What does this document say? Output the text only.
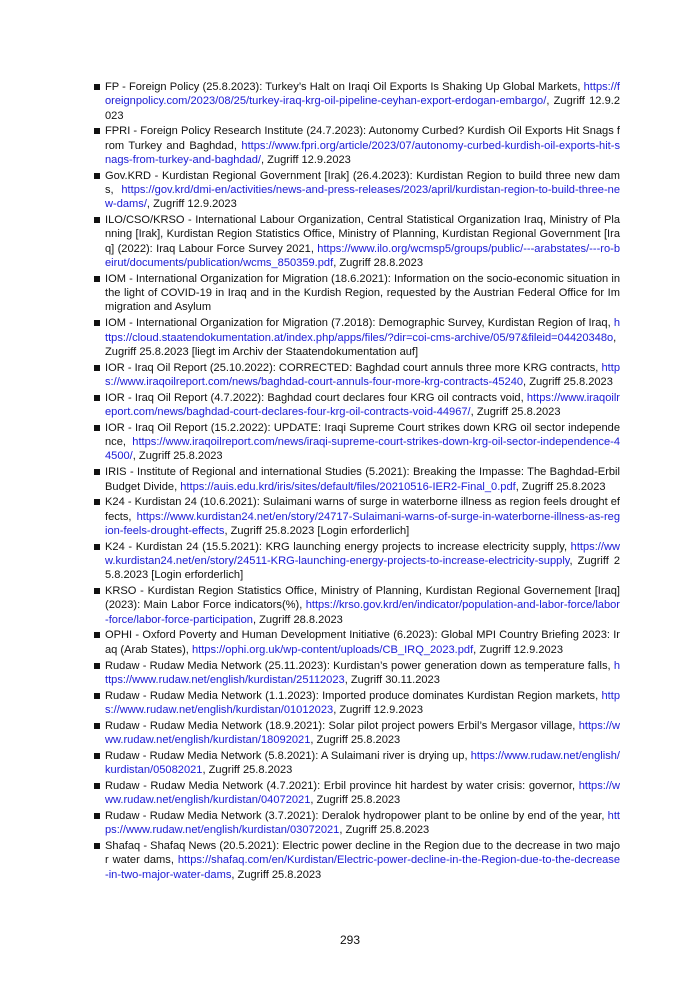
FP - Foreign Policy (25.8.2023): Turkey’s Halt on Iraqi Oil Exports Is Shaking Up Global Markets, https://foreignpolicy.com/2023/08/25/turkey-iraq-krg-oil-pipeline-ceyhan-export-erdogan-embargo/, Zugriff 12.9.2023
FPRI - Foreign Policy Research Institute (24.7.2023): Autonomy Curbed? Kurdish Oil Exports Hit Snags from Turkey and Baghdad, https://www.fpri.org/article/2023/07/autonomy-curbed-kurdish-oil-exports-hit-snags-from-turkey-and-baghdad/, Zugriff 12.9.2023
Gov.KRD - Kurdistan Regional Government [Irak] (26.4.2023): Kurdistan Region to build three new dams, https://gov.krd/dmi-en/activities/news-and-press-releases/2023/april/kurdistan-region-to-build-three-new-dams/, Zugriff 12.9.2023
ILO/CSO/KRSO - International Labour Organization, Central Statistical Organization Iraq, Ministry of Planning [Irak], Kurdistan Region Statistics Office, Ministry of Planning, Kurdistan Regional Government [Iraq] (2022): Iraq Labour Force Survey 2021, https://www.ilo.org/wcmsp5/groups/public/---arabstates/---ro-beirut/documents/publication/wcms_850359.pdf, Zugriff 28.8.2023
IOM - International Organization for Migration (18.6.2021): Information on the socio-economic situation in the light of COVID-19 in Iraq and in the Kurdish Region, requested by the Austrian Federal Office for Immigration and Asylum
IOM - International Organization for Migration (7.2018): Demographic Survey, Kurdistan Region of Iraq, https://cloud.staatendokumentation.at/index.php/apps/files/?dir=coi-cms-archive/05/97&fileid=04420348o, Zugriff 25.8.2023 [liegt im Archiv der Staatendokumentation auf]
IOR - Iraq Oil Report (25.10.2022): CORRECTED: Baghdad court annuls three more KRG contracts, https://www.iraqoilreport.com/news/baghdad-court-annuls-four-more-krg-contracts-45240, Zugriff 25.8.2023
IOR - Iraq Oil Report (4.7.2022): Baghdad court declares four KRG oil contracts void, https://www.iraqoilreport.com/news/baghdad-court-declares-four-krg-oil-contracts-void-44967/, Zugriff 25.8.2023
IOR - Iraq Oil Report (15.2.2022): UPDATE: Iraqi Supreme Court strikes down KRG oil sector independence, https://www.iraqoilreport.com/news/iraqi-supreme-court-strikes-down-krg-oil-sector-independence-44500/, Zugriff 25.8.2023
IRIS - Institute of Regional and international Studies (5.2021): Breaking the Impasse: The Baghdad-Erbil Budget Divide, https://auis.edu.krd/iris/sites/default/files/20210516-IER2-Final_0.pdf, Zugriff 25.8.2023
K24 - Kurdistan 24 (10.6.2021): Sulaimani warns of surge in waterborne illness as region feels drought effects, https://www.kurdistan24.net/en/story/24717-Sulaimani-warns-of-surge-in-waterborne-illness-as-region-feels-drought-effects, Zugriff 25.8.2023 [Login erforderlich]
K24 - Kurdistan 24 (15.5.2021): KRG launching energy projects to increase electricity supply, https://www.kurdistan24.net/en/story/24511-KRG-launching-energy-projects-to-increase-electricity-supply, Zugriff 25.8.2023 [Login erforderlich]
KRSO - Kurdistan Region Statistics Office, Ministry of Planning, Kurdistan Regional Governement [Iraq] (2023): Main Labor Force indicators(%), https://krso.gov.krd/en/indicator/population-and-labor-force/labor-force/labor-force-participation, Zugriff 28.8.2023
OPHI - Oxford Poverty and Human Development Initiative (6.2023): Global MPI Country Briefing 2023: Iraq (Arab States), https://ophi.org.uk/wp-content/uploads/CB_IRQ_2023.pdf, Zugriff 12.9.2023
Rudaw - Rudaw Media Network (25.11.2023): Kurdistan’s power generation down as temperature falls, https://www.rudaw.net/english/kurdistan/25112023, Zugriff 30.11.2023
Rudaw - Rudaw Media Network (1.1.2023): Imported produce dominates Kurdistan Region markets, https://www.rudaw.net/english/kurdistan/01012023, Zugriff 12.9.2023
Rudaw - Rudaw Media Network (18.9.2021): Solar pilot project powers Erbil’s Mergasor village, https://www.rudaw.net/english/kurdistan/18092021, Zugriff 25.8.2023
Rudaw - Rudaw Media Network (5.8.2021): A Sulaimani river is drying up, https://www.rudaw.net/english/kurdistan/05082021, Zugriff 25.8.2023
Rudaw - Rudaw Media Network (4.7.2021): Erbil province hit hardest by water crisis: governor, https://www.rudaw.net/english/kurdistan/04072021, Zugriff 25.8.2023
Rudaw - Rudaw Media Network (3.7.2021): Deralok hydropower plant to be online by end of the year, https://www.rudaw.net/english/kurdistan/03072021, Zugriff 25.8.2023
Shafaq - Shafaq News (20.5.2021): Electric power decline in the Region due to the decrease in two major water dams, https://shafaq.com/en/Kurdistan/Electric-power-decline-in-the-Region-due-to-the-decrease-in-two-major-water-dams, Zugriff 25.8.2023
293
